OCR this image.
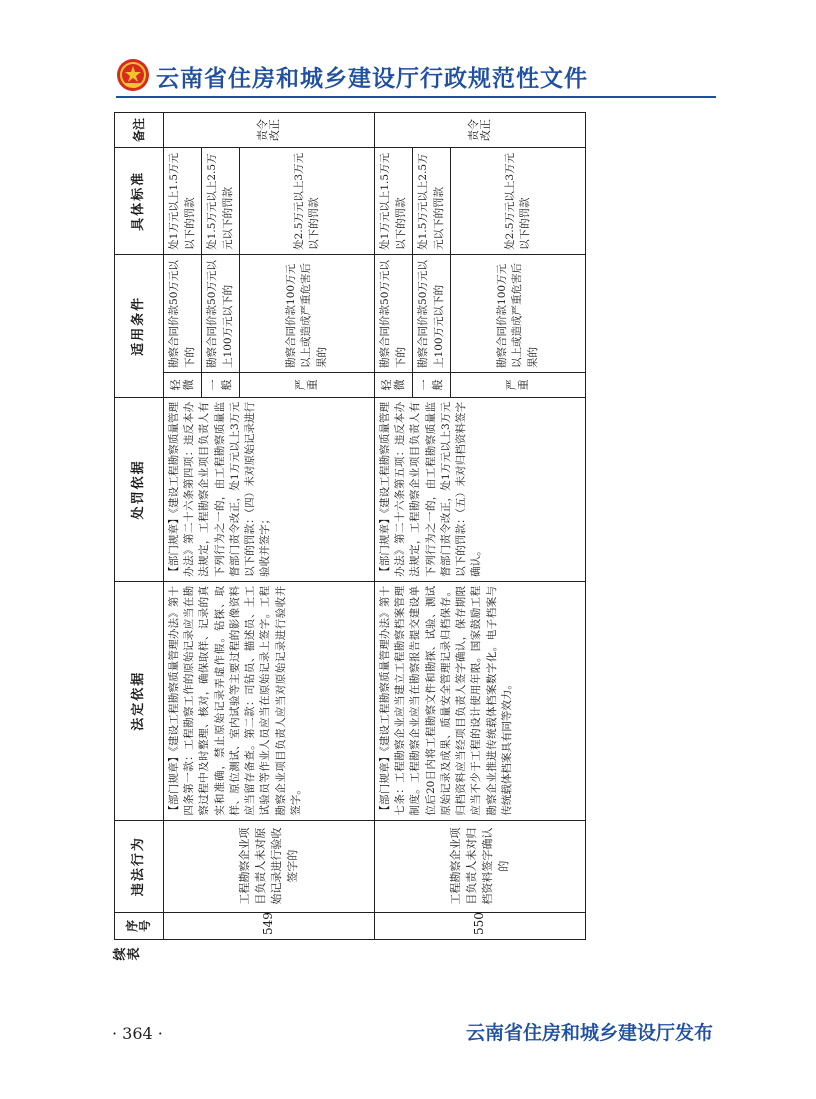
云南省住房和城乡建设厅行政规范性文件
续表
序号	违法行为	法定依据	处罚依据	适用条件		具体标准	备注
549	工程勘察企业项目负责人未对原始记录进行验收签字的	【部门规章】《建设工程勘察质量管理办法》第十四条第一款：工程勘察工作的原始记录应当在勘察过程中及时整理、核对，确保取样、记录的真实和准确，禁止原始记录弄虚作假。钻探、取样、原位测试、室内试验等主要过程的影像资料应当留存备查。第二款：司钻员、描述员、土工试验员等作业人员应当在原始记录上签字。工程勘察企业项目负责人应当对原始记录进行验收并签字。	【部门规章】《建设工程勘察质量管理办法》第二十六条第四项：违反本办法规定，工程勘察企业项目负责人有下列行为之一的，由工程勘察质量监督部门责令改正，处1万元以上3万元以下的罚款：（四）未对原始记录进行验收并签字；	轻微	勘察合同价款50万元以下的	处1万元以上1.5万元以下的罚款	责令改正
				一般	勘察合同价款50万元以上100万元以下的	处1.5万元以上2.5万元以下的罚款	
				严重	勘察合同价款100万元以上或造成严重危害后果的	处2.5万元以上3万元以下的罚款	
550	工程勘察企业项目负责人未对归档资料签字确认的	【部门规章】《建设工程勘察质量管理办法》第十七条：工程勘察企业应当建立工程勘察档案管理制度。工程勘察企业应当在勘察报告提交建设单位后20日内将工程勘察文件和勘探、试验、测试原始记录及成果、质量安全管理记录归档保存。归档资料应当经项目负责人签字确认，保存期限应当不少于工程的设计使用年限。国家鼓励工程勘察企业推进传统载体档案数字化。电子档案与传统载体档案具有同等效力。	【部门规章】《建设工程勘察质量管理办法》第二十六条第五项：违反本办法规定，工程勘察企业项目负责人有下列行为之一的，由工程勘察质量监督部门责令改正，处1万元以上3万元以下的罚款：（五）未对归档资料签字确认。	轻微	勘察合同价款50万元以下的	处1万元以上1.5万元以下的罚款	责令改正
				一般	勘察合同价款50万元以上100万元以下的	处1.5万元以上2.5万元以下的罚款	
				严重	勘察合同价款100万元以上或造成严重危害后果的	处2.5万元以上3万元以下的罚款	
· 364 ·	云南省住房和城乡建设厅发布
